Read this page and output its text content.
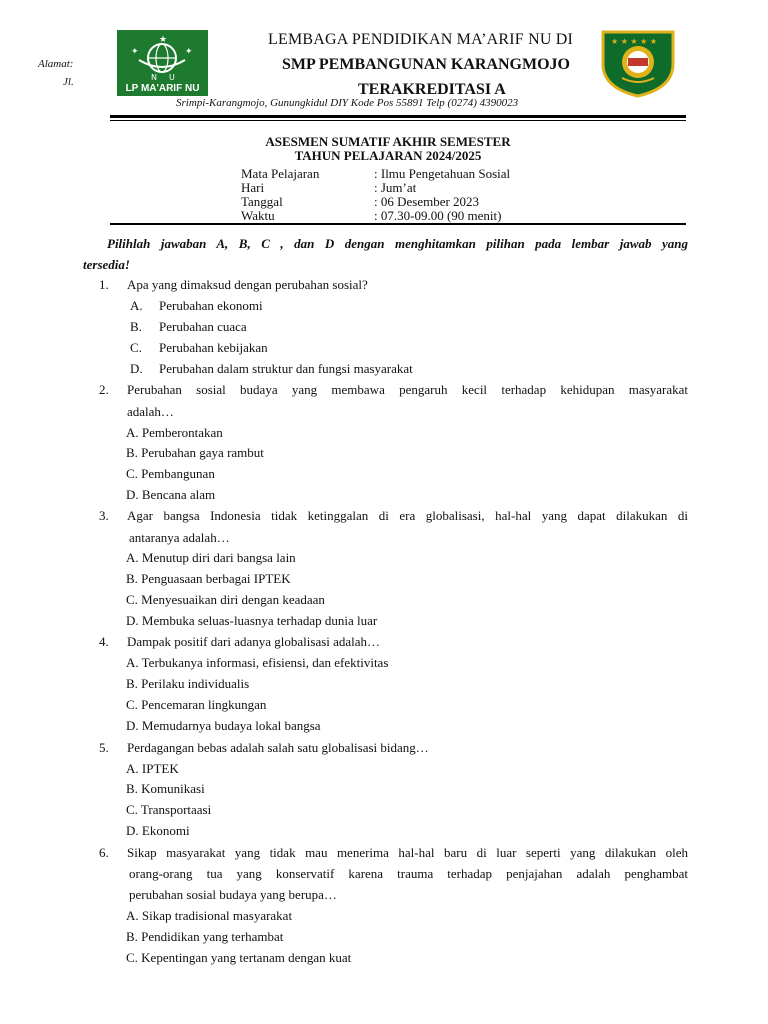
Alamat:
Jl.
✦	✦
★
N U
LP MA'ARIF NU
LEMBAGA PENDIDIKAN MA’ARIF NU DI
SMP PEMBANGUNAN KARANGMOJO
TERAKREDITASI A
★ ★ ★ ★ ★
Srimpi-Karangmojo, Gunungkidul DIY Kode Pos 55891 Telp (0274) 4390023
ASESMEN SUMATIF AKHIR SEMESTER
TAHUN PELAJARAN 2024/2025
Mata Pelajaran	: Ilmu Pengetahuan Sosial
Hari	: Jum’at
Tanggal	: 06 Desember 2023
Waktu	: 07.30-09.00 (90 menit)
Pilihlah jawaban A, B, C , dan D dengan menghitamkan pilihan pada lembar jawab yang
tersedia!
1. Apa yang dimaksud dengan perubahan sosial?
A. Perubahan ekonomi
B. Perubahan cuaca
C. Perubahan kebijakan
D. Perubahan dalam struktur dan fungsi masyarakat
2. Perubahan sosial budaya yang membawa pengaruh kecil terhadap kehidupan masyarakat
adalah…
A. Pemberontakan
B. Perubahan gaya rambut
C. Pembangunan
D. Bencana alam
3. Agar bangsa Indonesia tidak ketinggalan di era globalisasi, hal-hal yang dapat dilakukan di
antaranya adalah…
A. Menutup diri dari bangsa lain
B. Penguasaan berbagai IPTEK
C. Menyesuaikan diri dengan keadaan
D. Membuka seluas-luasnya terhadap dunia luar
4. Dampak positif dari adanya globalisasi adalah…
A. Terbukanya informasi, efisiensi, dan efektivitas
B. Perilaku individualis
C. Pencemaran lingkungan
D. Memudarnya budaya lokal bangsa
5. Perdagangan bebas adalah salah satu globalisasi bidang…
A. IPTEK
B. Komunikasi
C. Transportaasi
D. Ekonomi
6. Sikap masyarakat yang tidak mau menerima hal-hal baru di luar seperti yang dilakukan oleh
orang-orang tua yang konservatif karena trauma terhadap penjajahan adalah penghambat
perubahan sosial budaya yang berupa…
A. Sikap tradisional masyarakat
B. Pendidikan yang terhambat
C. Kepentingan yang tertanam dengan kuat
